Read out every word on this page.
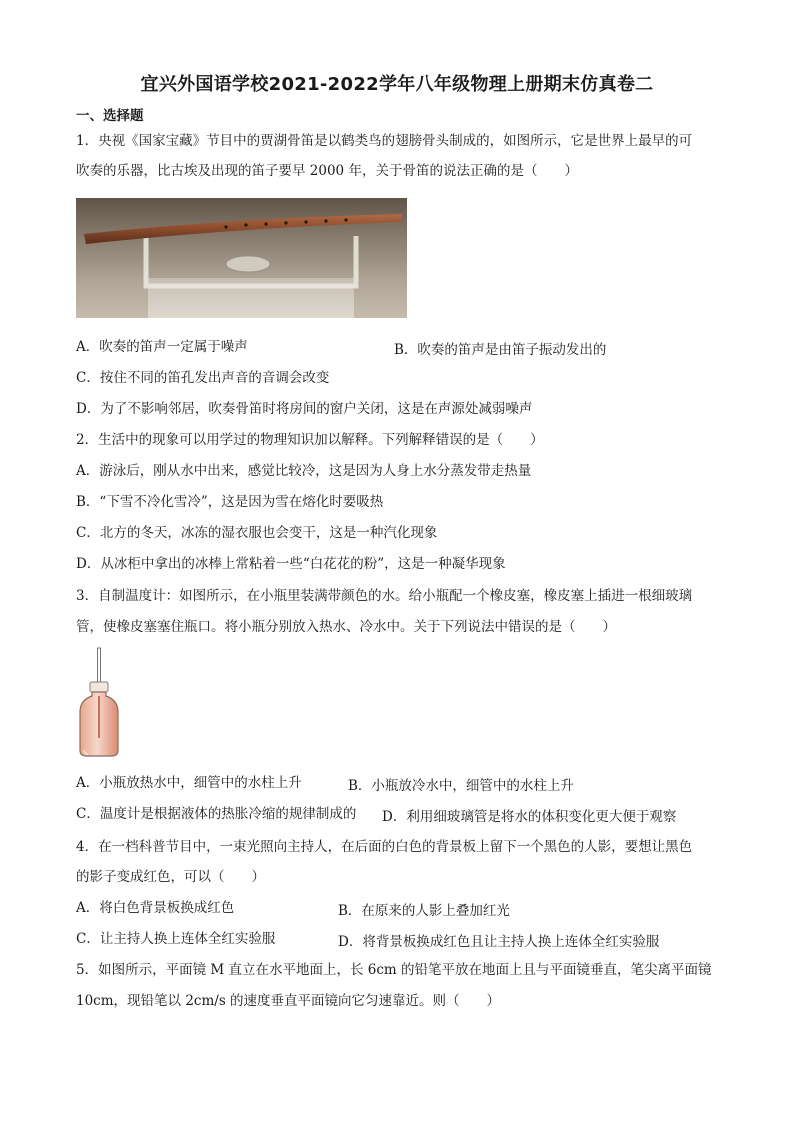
宜兴外国语学校2021-2022学年八年级物理上册期末仿真卷二
一、选择题
1．央视《国家宝藏》节目中的贾湖骨笛是以鹤类鸟的翅膀骨头制成的，如图所示，它是世界上最早的可
吹奏的乐器，比古埃及出现的笛子要早 2000 年，关于骨笛的说法正确的是（　　）
A．吹奏的笛声一定属于噪声	B．吹奏的笛声是由笛子振动发出的
C．按住不同的笛孔发出声音的音调会改变
D．为了不影响邻居，吹奏骨笛时将房间的窗户关闭，这是在声源处减弱噪声
2．生活中的现象可以用学过的物理知识加以解释。下列解释错误的是（　　）
A．游泳后，刚从水中出来，感觉比较冷，这是因为人身上水分蒸发带走热量
B．“下雪不冷化雪冷”，这是因为雪在熔化时要吸热
C．北方的冬天，冰冻的湿衣服也会变干，这是一种汽化现象
D．从冰柜中拿出的冰棒上常粘着一些“白花花的粉”，这是一种凝华现象
3．自制温度计：如图所示，在小瓶里装满带颜色的水。给小瓶配一个橡皮塞，橡皮塞上插进一根细玻璃
管，使橡皮塞塞住瓶口。将小瓶分别放入热水、冷水中。关于下列说法中错误的是（　　）
A．小瓶放热水中，细管中的水柱上升	B．小瓶放冷水中，细管中的水柱上升
C．温度计是根据液体的热胀冷缩的规律制成的 D．利用细玻璃管是将水的体积变化更大便于观察
4．在一档科普节目中，一束光照向主持人，在后面的白色的背景板上留下一个黑色的人影，要想让黑色
的影子变成红色，可以（　　）
A．将白色背景板换成红色	B．在原来的人影上叠加红光
C．让主持人换上连体全红实验服	D．将背景板换成红色且让主持人换上连体全红实验服
5．如图所示，平面镜 M 直立在水平地面上，长 6cm 的铅笔平放在地面上且与平面镜垂直，笔尖离平面镜
10cm，现铅笔以 2cm/s 的速度垂直平面镜向它匀速靠近。则（　　）
